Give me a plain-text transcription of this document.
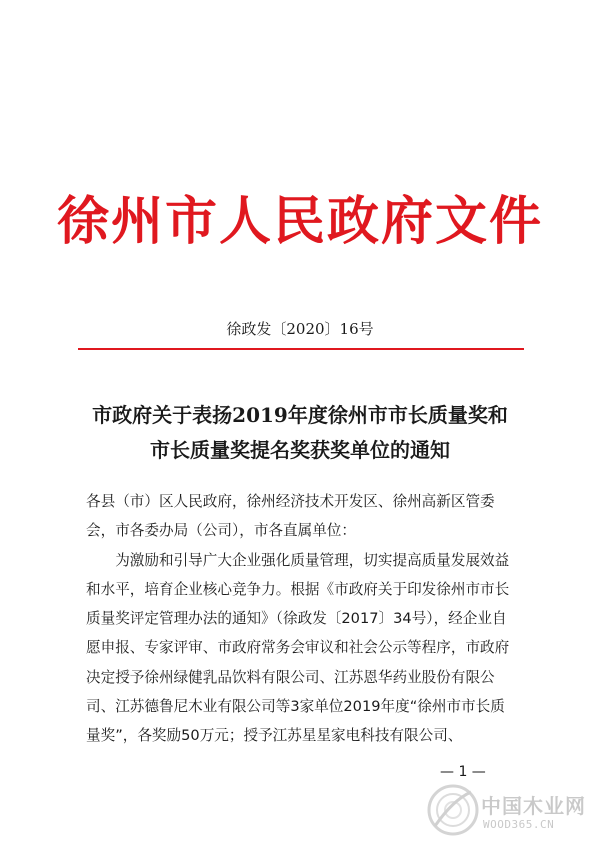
徐州市人民政府文件
徐政发〔2020〕16号
市政府关于表扬2019年度徐州市市长质量奖和
市长质量奖提名奖获奖单位的通知

各县（市）区人民政府，徐州经济技术开发区、徐州高新区管委会，市各委办局（公司），市各直属单位：

为激励和引导广大企业强化质量管理，切实提高质量发展效益和水平，培育企业核心竞争力。根据《市政府关于印发徐州市市长质量奖评定管理办法的通知》（徐政发〔2017〕34号），经企业自愿申报、专家评审、市政府常务会审议和社会公示等程序，市政府决定授予徐州绿健乳品饮料有限公司、江苏恩华药业股份有限公司、江苏德鲁尼木业有限公司等3家单位2019年度“徐州市市长质量奖”，各奖励50万元；授予江苏星星家电科技有限公司、

— 1 —
中国木业网
WOOD365.CN
